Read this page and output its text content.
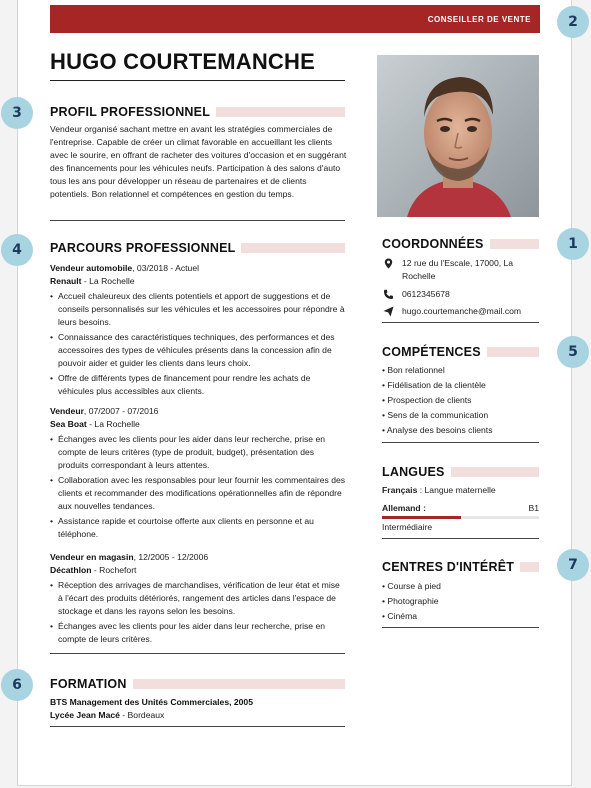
CONSEILLER DE VENTE
HUGO COURTEMANCHE
PROFIL PROFESSIONNEL
Vendeur organisé sachant mettre en avant les stratégies commerciales de l'entreprise. Capable de créer un climat favorable en accueillant les clients avec le sourire, en offrant de racheter des voitures d'occasion et en suggérant des financements pour les véhicules neufs. Participation à des salons d'auto tous les ans pour développer un réseau de partenaires et de clients potentiels. Bon relationnel et compétences en gestion du temps.
PARCOURS PROFESSIONNEL
Vendeur automobile, 03/2018 - Actuel
Renault - La Rochelle
• Accueil chaleureux des clients potentiels et apport de suggestions et de conseils personnalisés sur les véhicules et les accessoires pour répondre à leurs besoins.
• Connaissance des caractéristiques techniques, des performances et des accessoires des types de véhicules présents dans la concession afin de pouvoir aider et guider les clients dans leurs choix.
• Offre de différents types de financement pour rendre les achats de véhicules plus accessibles aux clients.
Vendeur, 07/2007 - 07/2016
Sea Boat - La Rochelle
• Échanges avec les clients pour les aider dans leur recherche, prise en compte de leurs critères (type de produit, budget), présentation des produits correspondant à leurs attentes.
• Collaboration avec les responsables pour leur fournir les commentaires des clients et recommander des modifications opérationnelles afin de répondre aux nouvelles tendances.
• Assistance rapide et courtoise offerte aux clients en personne et au téléphone.
Vendeur en magasin, 12/2005 - 12/2006
Décathlon - Rochefort
• Réception des arrivages de marchandises, vérification de leur état et mise à l'écart des produits détériorés, rangement des articles dans l'espace de stockage et dans les rayons selon les besoins.
• Échanges avec les clients pour les aider dans leur recherche, prise en compte de leurs critères.
FORMATION
BTS Management des Unités Commerciales, 2005
Lycée Jean Macé - Bordeaux
COORDONNÉES
12 rue du l'Escale, 17000, La Rochelle
0612345678
hugo.courtemanche@mail.com
COMPÉTENCES
• Bon relationnel
• Fidélisation de la clientèle
• Prospection de clients
• Sens de la communication
• Analyse des besoins clients
LANGUES
Français : Langue maternelle
Allemand :	B1
Intermédiaire
CENTRES D'INTÉRÊT
• Course à pied
• Photographie
• Cinéma
1
2
3
4
5
6
7
